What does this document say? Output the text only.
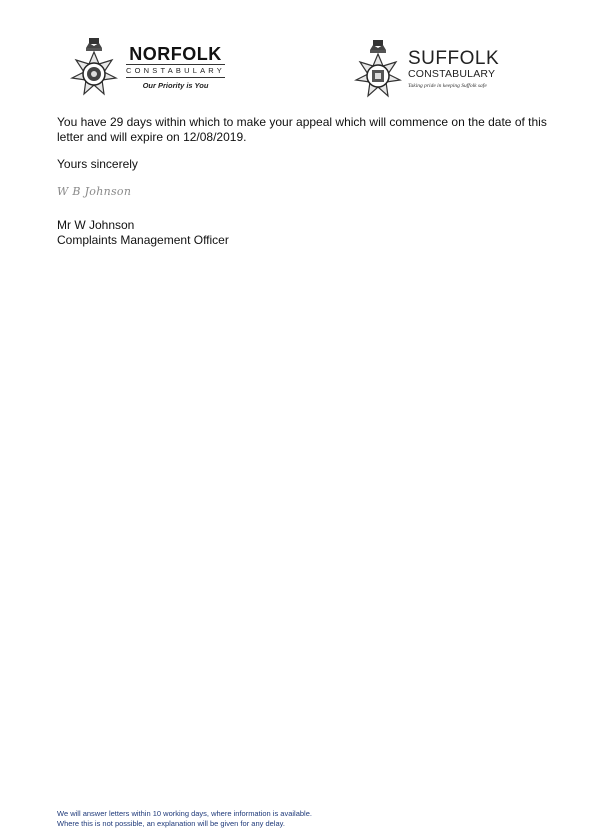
NORFOLK
CONSTABULARY
Our Priority is You
SUFFOLK
CONSTABULARY
Taking pride in keeping Suffolk safe
You have 29 days within which to make your appeal which will commence on the date of this letter and will expire on 12/08/2019.
Yours sincerely
W B Johnson
Mr W Johnson
Complaints Management Officer
We will answer letters within 10 working days, where information is available.
Where this is not possible, an explanation will be given for any delay.
